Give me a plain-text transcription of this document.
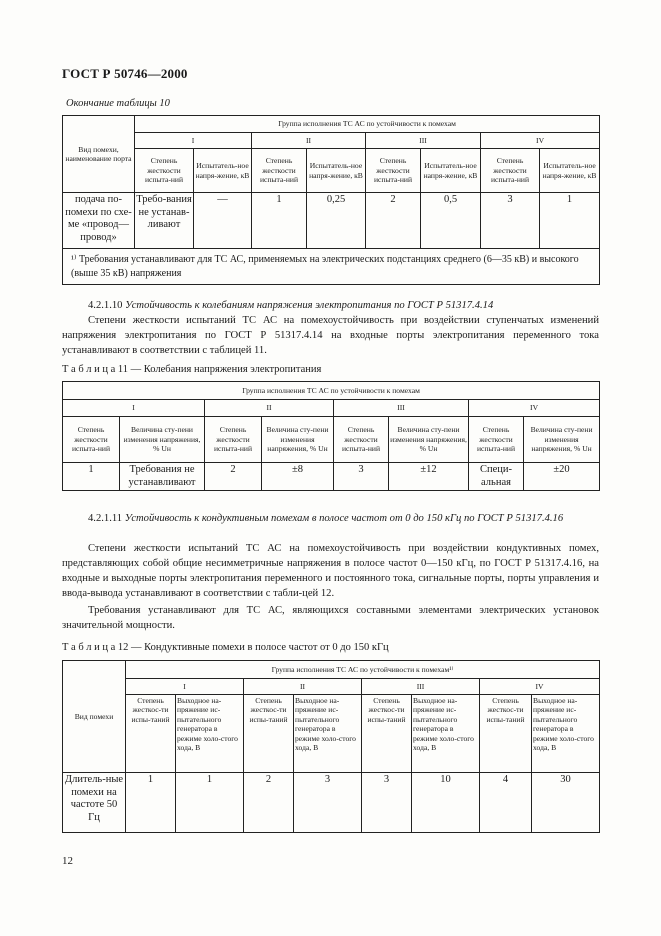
ГОСТ Р 50746—2000
Окончание таблицы 10
Вид помехи, наименование порта	Группа исполнения ТС АС по устойчивости к помехам							
	I		II		III		IV	
	Степень жесткости испыта-ний	Испытатель-ное напря-жение, кВ	Степень жесткости испыта-ний	Испытатель-ное напря-жение, кВ	Степень жесткости испыта-ний	Испытатель-ное напря-жение, кВ	Степень жесткости испыта-ний	Испытатель-ное напря-жение, кВ
подача по-помехи по схе-ме «провод—провод»	Требо-вания не устанав-ливают	—	1	0,25	2	0,5	3	1
¹⁾ Требования устанавливают для ТС АС, применяемых на электрических подстанциях среднего (6—35 кВ) и высокого (выше 35 кВ) напряжения								
4.2.1.10 Устойчивость к колебаниям напряжения электропитания по ГОСТ Р 51317.4.14
Степени жесткости испытаний ТС АС на помехоустойчивость при воздействии ступенчатых изменений напряжения электропитания по ГОСТ Р 51317.4.14 на входные порты электропитания переменного тока устанавливают в соответствии с таблицей 11.
Т а б л и ц а 11 — Колебания напряжения электропитания
Группа исполнения ТС АС по устойчивости к помехам							
I		II		III		IV	
Степень жесткости испыта-ний	Величина сту-пени изменения напряжения, % Uн	Степень жесткости испыта-ний	Величина сту-пени изменения напряжения, % Uн	Степень жесткости испыта-ний	Величина сту-пени изменения напряжения, % Uн	Степень жесткости испыта-ний	Величина сту-пени изменения напряжения, % Uн
1	Требования не устанавливают	2	±8	3	±12	Специ-альная	±20
4.2.1.11 Устойчивость к кондуктивным помехам в полосе частот от 0 до 150 кГц по ГОСТ Р 51317.4.16
Степени жесткости испытаний ТС АС на помехоустойчивость при воздействии кондуктивных помех, представляющих собой общие несимметричные напряжения в полосе частот 0—150 кГц, по ГОСТ Р 51317.4.16, на входные и выходные порты электропитания переменного и постоянного тока, сигнальные порты, порты управления и ввода-вывода устанавливают в соответствии с табли-цей 12.
Требования устанавливают для ТС АС, являющихся составными элементами электрических установок значительной мощности.
Т а б л и ц а 12 — Кондуктивные помехи в полосе частот от 0 до 150 кГц
Вид помехи	Группа исполнения ТС АС по устойчивости к помехам¹⁾							
	I		II		III		IV	
	Степень жесткос-ти испы-таний	Выходное на-пряжение ис-пытательного генератора в режиме холо-стого хода, В	Степень жесткос-ти испы-таний	Выходное на-пряжение ис-пытательного генератора в режиме холо-стого хода, В	Степень жесткос-ти испы-таний	Выходное на-пряжение ис-пытательного генератора в режиме холо-стого хода, В	Степень жесткос-ти испы-таний	Выходное на-пряжение ис-пытательного генератора в режиме холо-стого хода, В
Длитель-ные помехи на частоте 50 Гц	1	1	2	3	3	10	4	30
12
